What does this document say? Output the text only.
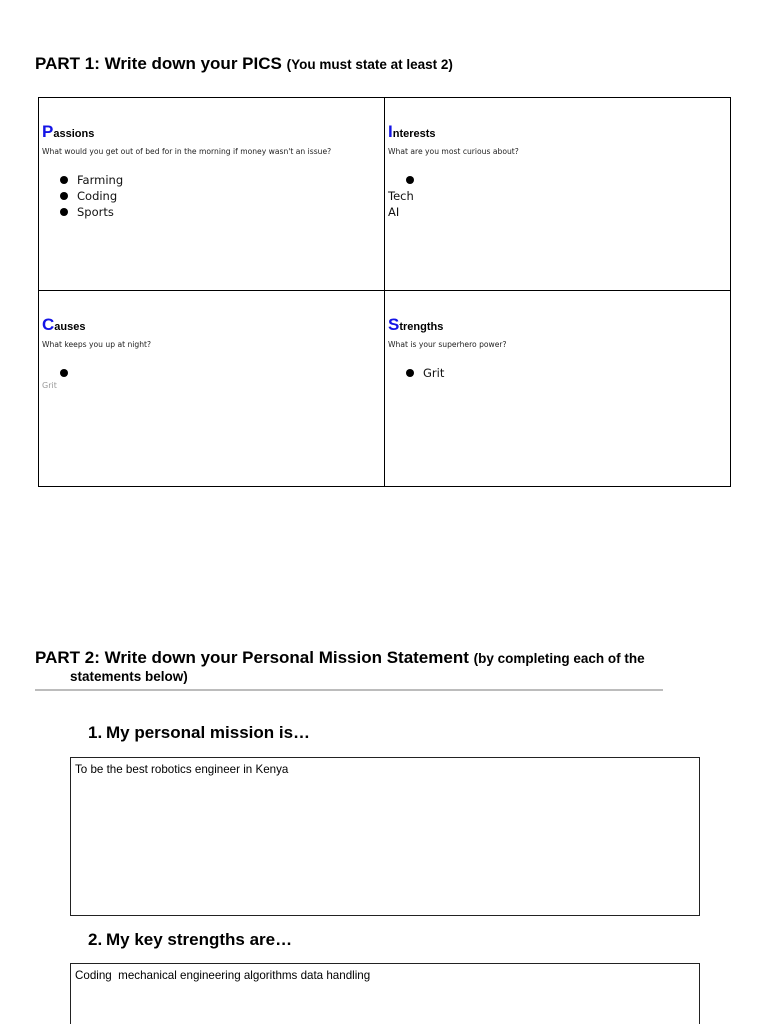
PART 1: Write down your PICS (You must state at least 2)
Passions
What would you get out of bed for in the morning if money wasn't an issue?
Farming
Coding
Sports
Interests
What are you most curious about?
Tech
AI
Causes
What keeps you up at night?
Grit
Strengths
What is your superhero power?
Grit
PART 2: Write down your Personal Mission Statement (by completing each of the
statements below)
1. My personal mission is…
To be the best robotics engineer in Kenya
2. My key strengths are…
Coding  mechanical engineering algorithms data handling
